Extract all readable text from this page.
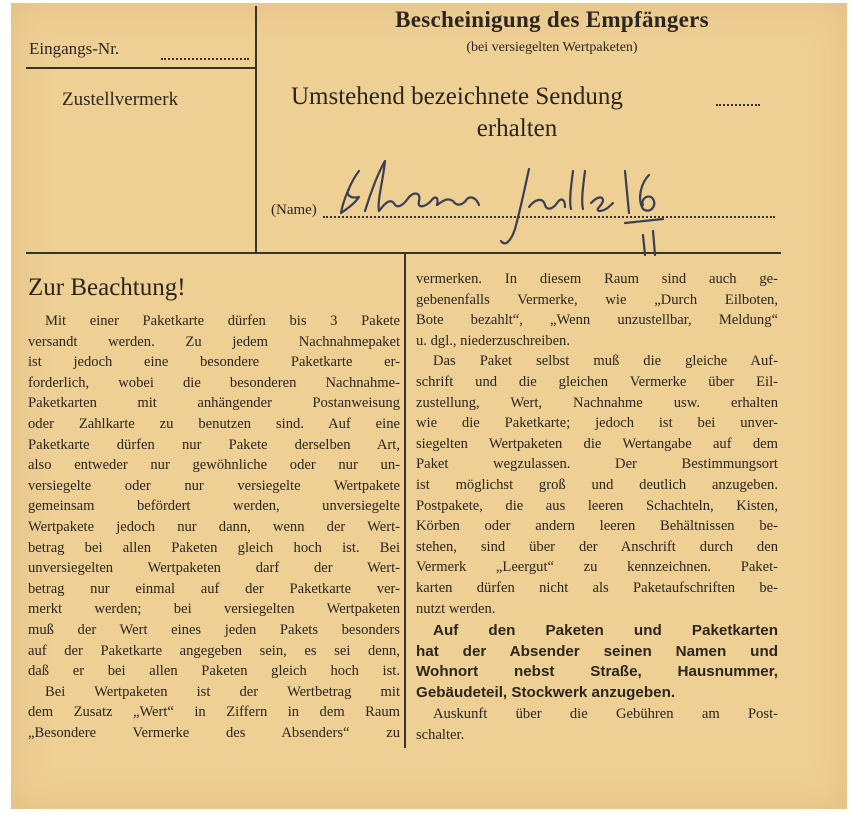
Eingangs-Nr.
Zustellvermerk
Bescheinigung des Empfängers
(bei versiegelten Wertpaketen)
Umstehend bezeichnete Sendung
erhalten
(Name)
Zur Beachtung!
Mit einer Paketkarte dürfen bis 3 Pakete
versandt werden. Zu jedem Nachnahmepaket
ist jedoch eine besondere Paketkarte er-
forderlich, wobei die besonderen Nachnahme-
Paketkarten mit anhängender Postanweisung
oder Zahlkarte zu benutzen sind. Auf eine
Paketkarte dürfen nur Pakete derselben Art,
also entweder nur gewöhnliche oder nur un-
versiegelte oder nur versiegelte Wertpakete
gemeinsam befördert werden, unversiegelte
Wertpakete jedoch nur dann, wenn der Wert-
betrag bei allen Paketen gleich hoch ist. Bei
unversiegelten Wertpaketen darf der Wert-
betrag nur einmal auf der Paketkarte ver-
merkt werden; bei versiegelten Wertpaketen
muß der Wert eines jeden Pakets besonders
auf der Paketkarte angegeben sein, es sei denn,
daß er bei allen Paketen gleich hoch ist.
Bei Wertpaketen ist der Wertbetrag mit
dem Zusatz „Wert“ in Ziffern in dem Raum
„Besondere Vermerke des Absenders“ zu
vermerken. In diesem Raum sind auch ge-
gebenenfalls Vermerke, wie „Durch Eilboten,
Bote bezahlt“, „Wenn unzustellbar, Meldung“
u. dgl., niederzuschreiben.
Das Paket selbst muß die gleiche Auf-
schrift und die gleichen Vermerke über Eil-
zustellung, Wert, Nachnahme usw. erhalten
wie die Paketkarte; jedoch ist bei unver-
siegelten Wertpaketen die Wertangabe auf dem
Paket wegzulassen. Der Bestimmungsort
ist möglichst groß und deutlich anzugeben.
Postpakete, die aus leeren Schachteln, Kisten,
Körben oder andern leeren Behältnissen be-
stehen, sind über der Anschrift durch den
Vermerk „Leergut“ zu kennzeichnen. Paket-
karten dürfen nicht als Paketaufschriften be-
nutzt werden.
Auf den Paketen und Paketkarten
hat der Absender seinen Namen und
Wohnort nebst Straße, Hausnummer,
Gebäudeteil, Stockwerk anzugeben.
Auskunft über die Gebühren am Post-
schalter.
